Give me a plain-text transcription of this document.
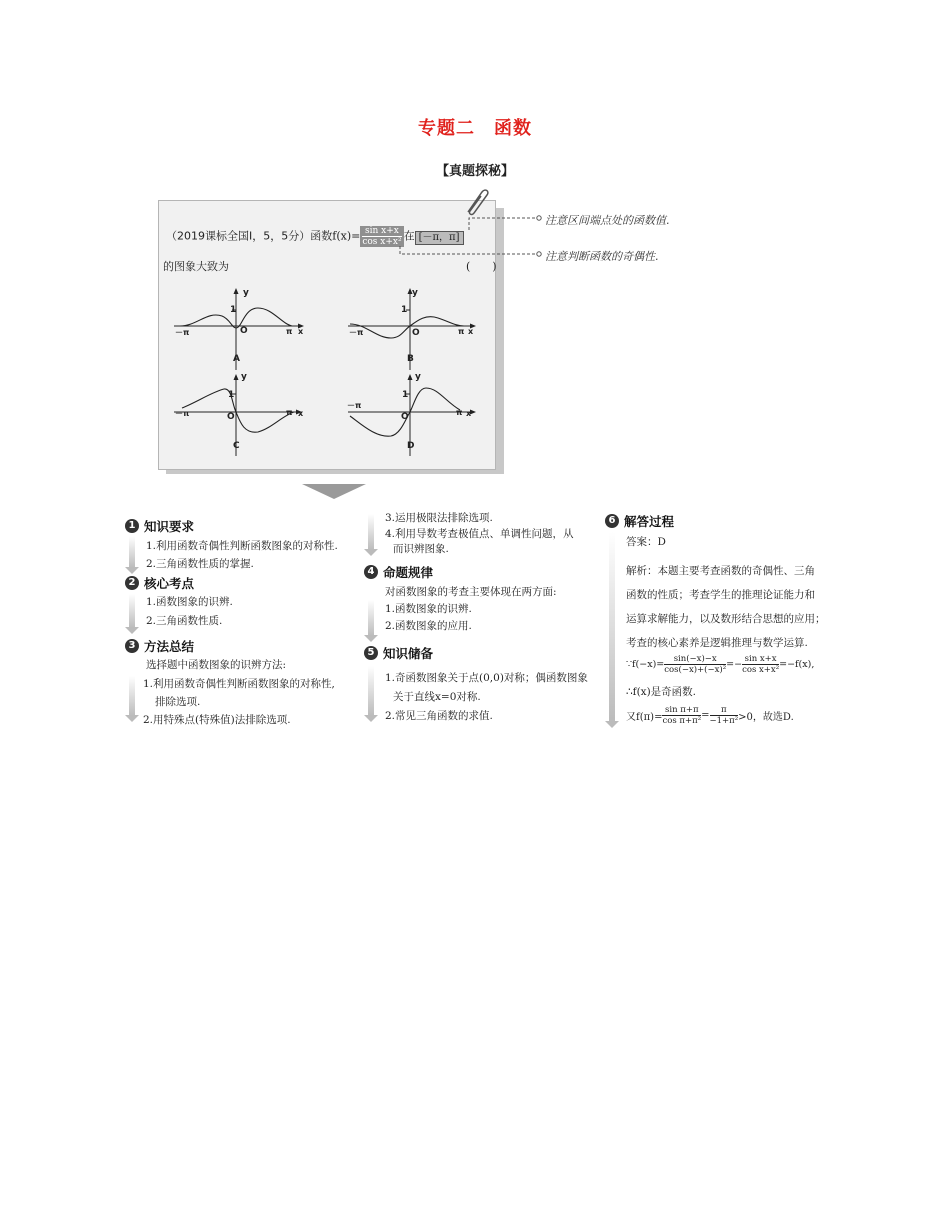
专题二　函数
【真题探秘】
（2019课标全国Ⅰ，5，5分）函数$f(x)= \frac{\text{sin x+x}}{\text{cos x+x²}}$ 在 [－π，π]
的图象大致为	(　　)
注意区间端点处的函数值.
注意判断函数的奇偶性.
y
1
O
－π	π x
A
y
1
O
－π	π x
B
y
1
O
－π	π x
C
y
1
O
－π
π x
D
1 知识要求
1.利用函数奇偶性判断函数图象的对称性.
2.三角函数性质的掌握.
2 核心考点
1.函数图象的识辨.
2.三角函数性质.
3 方法总结
选择题中函数图象的识辨方法:
1.利用函数奇偶性判断函数图象的对称性,
排除选项.
2.用特殊点(特殊值)法排除选项.
3.运用极限法排除选项.
4.利用导数考查极值点、单调性问题，从
而识辨图象.
4 命题规律
对函数图象的考查主要体现在两方面:
1.函数图象的识辨.
2.函数图象的应用.
5 知识储备
1.奇函数图象关于点(0,0)对称；偶函数图象
关于直线x=0对称.
2.常见三角函数的求值.
6 解答过程
答案：D
解析：本题主要考查函数的奇偶性、三角
函数的性质；考查学生的推理论证能力和
运算求解能力，以及数形结合思想的应用；
考查的核心素养是逻辑推理与数学运算.
∵f(−x)= $\frac{\sin(-x)-x}{\text{cos(−x)+(−x)²}} =- \frac{\text{sin x+x}}{\text{cos x+x²}} =-f(x)$,
∴f(x)是奇函数.
又$f(\pi)= \frac{\text{sin π+π}}{\text{cos π+π²}} = \frac{\pi}{\text{−1+π²}} >0$，故选D.
